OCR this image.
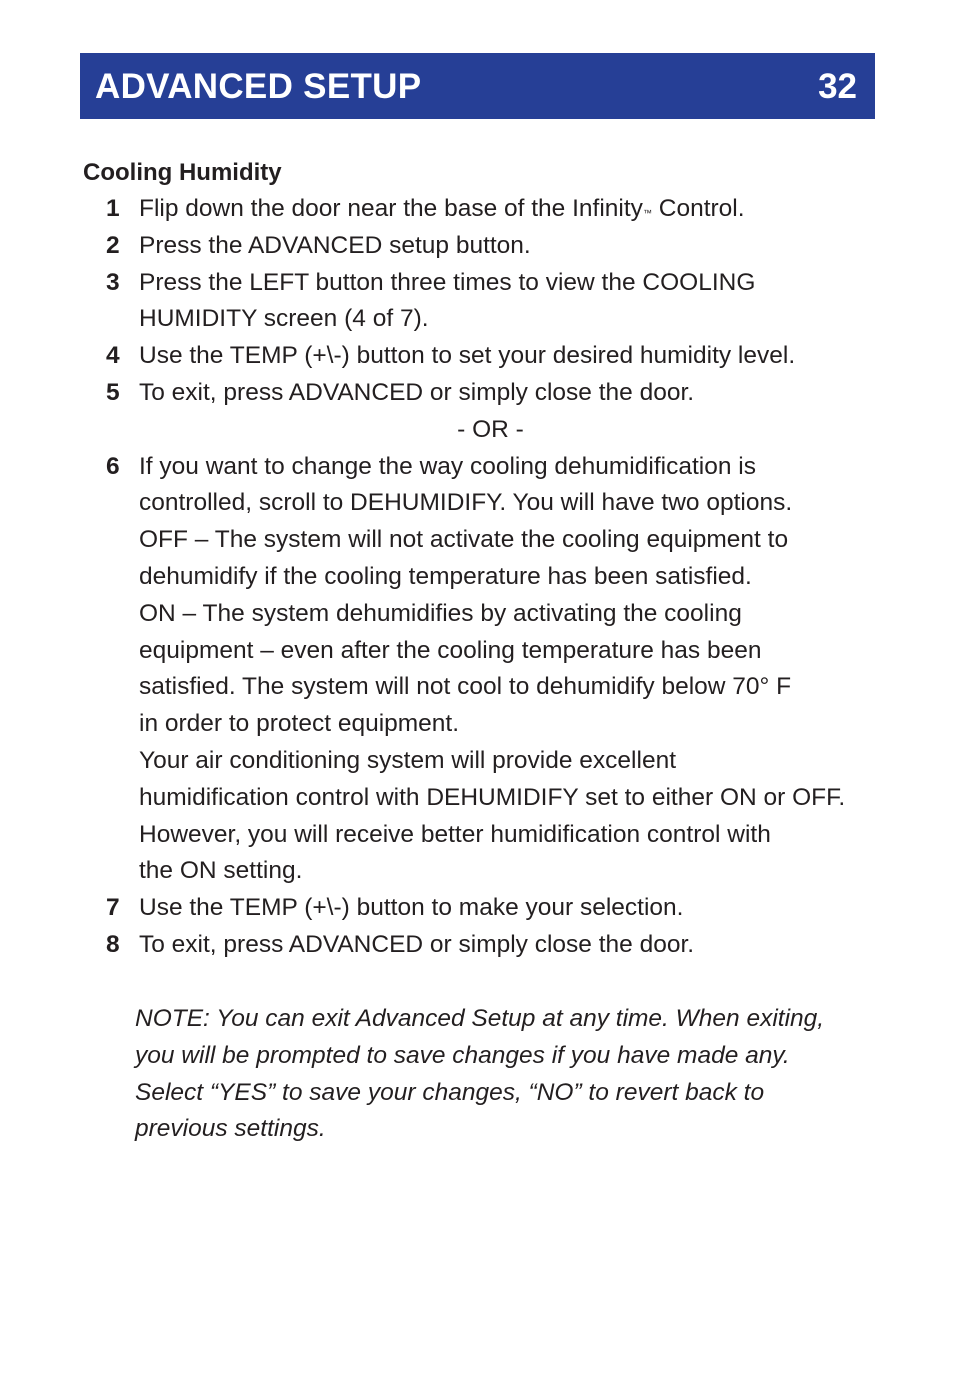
ADVANCED SETUP	32
Cooling Humidity
1 Flip down the door near the base of the Infinity™ Control.
2 Press the ADVANCED setup button.
3 Press the LEFT button three times to view the COOLING
HUMIDITY screen (4 of 7).
4 Use the TEMP (+\-) button to set your desired humidity level.
5 To exit, press ADVANCED or simply close the door.
- OR -
6 If you want to change the way cooling dehumidification is
controlled, scroll to DEHUMIDIFY. You will have two options.
OFF – The system will not activate the cooling equipment to
dehumidify if the cooling temperature has been satisfied.
ON – The system dehumidifies by activating the cooling
equipment – even after the cooling temperature has been
satisfied. The system will not cool to dehumidify below 70° F
in order to protect equipment.
Your air conditioning system will provide excellent
humidification control with DEHUMIDIFY set to either ON or OFF.
However, you will receive better humidification control with
the ON setting.
7 Use the TEMP (+\-) button to make your selection.
8 To exit, press ADVANCED or simply close the door.
NOTE: You can exit Advanced Setup at any time. When exiting,
you will be prompted to save changes if you have made any.
Select “YES” to save your changes, “NO” to revert back to
previous settings.
